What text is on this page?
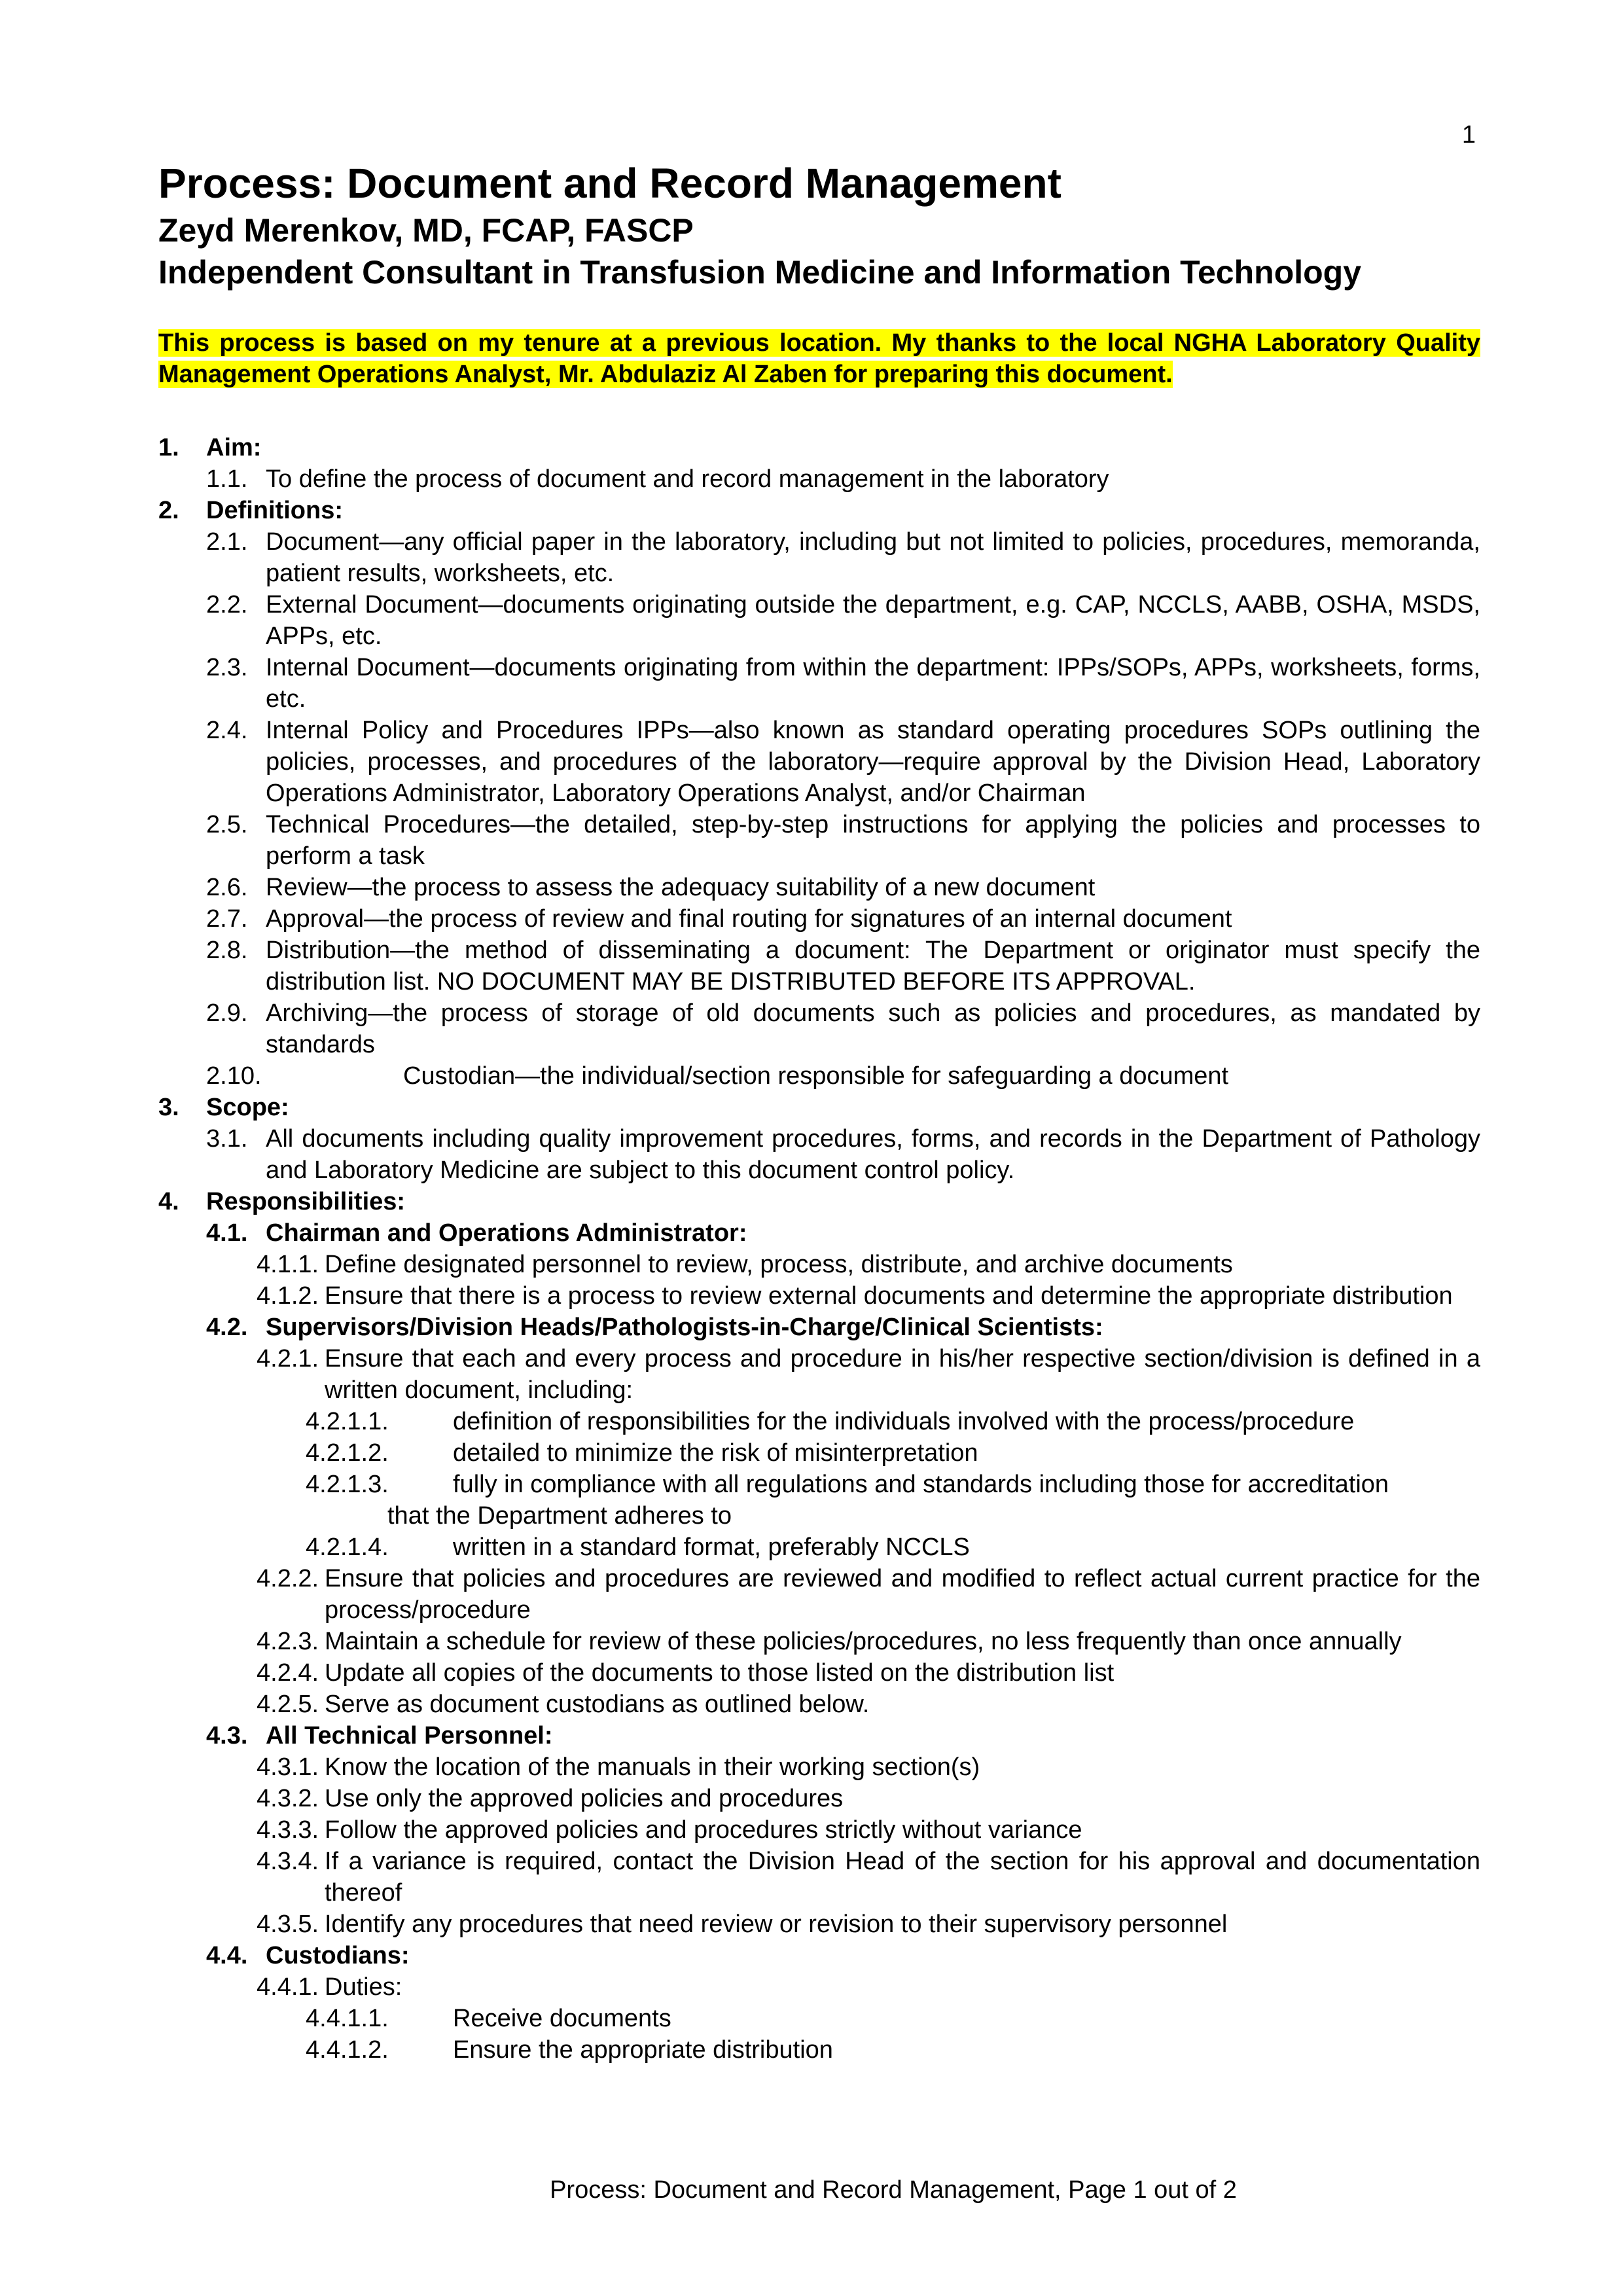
1

Process: Document and Record Management

Zeyd Merenkov, MD, FCAP, FASCP

Independent Consultant in Transfusion Medicine and Information Technology

This process is based on my tenure at a previous location. My thanks to the local NGHA Laboratory Quality Management Operations Analyst, Mr. Abdulaziz Al Zaben for preparing this document.
1. Aim:
1.1. To define the process of document and record management in the laboratory
2. Definitions:
2.1. Document—any official paper in the laboratory, including but not limited to policies, procedures, memoranda, patient results, worksheets, etc.
2.2. External Document—documents originating outside the department, e.g. CAP, NCCLS, AABB, OSHA, MSDS, APPs, etc.
2.3. Internal Document—documents originating from within the department: IPPs/SOPs, APPs, worksheets, forms, etc.
2.4. Internal Policy and Procedures IPPs—also known as standard operating procedures SOPs outlining the policies, processes, and procedures of the laboratory—require approval by the Division Head, Laboratory Operations Administrator, Laboratory Operations Analyst, and/or Chairman
2.5. Technical Procedures—the detailed, step-by-step instructions for applying the policies and processes to perform a task
2.6. Review—the process to assess the adequacy suitability of a new document
2.7. Approval—the process of review and final routing for signatures of an internal document
2.8. Distribution—the method of disseminating a document: The Department or originator must specify the distribution list. NO DOCUMENT MAY BE DISTRIBUTED BEFORE ITS APPROVAL.
2.9. Archiving—the process of storage of old documents such as policies and procedures, as mandated by standards
2.10.	Custodian—the individual/section responsible for safeguarding a document
3. Scope:
3.1. All documents including quality improvement procedures, forms, and records in the Department of Pathology and Laboratory Medicine are subject to this document control policy.
4. Responsibilities:
4.1. Chairman and Operations Administrator:
4.1.1. Define designated personnel to review, process, distribute, and archive documents
4.1.2. Ensure that there is a process to review external documents and determine the appropriate distribution
4.2. Supervisors/Division Heads/Pathologists-in-Charge/Clinical Scientists:
4.2.1. Ensure that each and every process and procedure in his/her respective section/division is defined in a written document, including:
4.2.1.1.	definition of responsibilities for the individuals involved with the process/procedure
4.2.1.2.	detailed to minimize the risk of misinterpretation
4.2.1.3.	fully in compliance with all regulations and standards including those for accreditation
that the Department adheres to
4.2.1.4.	written in a standard format, preferably NCCLS
4.2.2. Ensure that policies and procedures are reviewed and modified to reflect actual current practice for the process/procedure
4.2.3. Maintain a schedule for review of these policies/procedures, no less frequently than once annually
4.2.4. Update all copies of the documents to those listed on the distribution list
4.2.5. Serve as document custodians as outlined below.
4.3. All Technical Personnel:
4.3.1. Know the location of the manuals in their working section(s)
4.3.2. Use only the approved policies and procedures
4.3.3. Follow the approved policies and procedures strictly without variance
4.3.4. If a variance is required, contact the Division Head of the section for his approval and documentation thereof
4.3.5. Identify any procedures that need review or revision to their supervisory personnel
4.4. Custodians:
4.4.1. Duties:
4.4.1.1.	Receive documents
4.4.1.2.	Ensure the appropriate distribution
Process: Document and Record Management, Page 1 out of 2
